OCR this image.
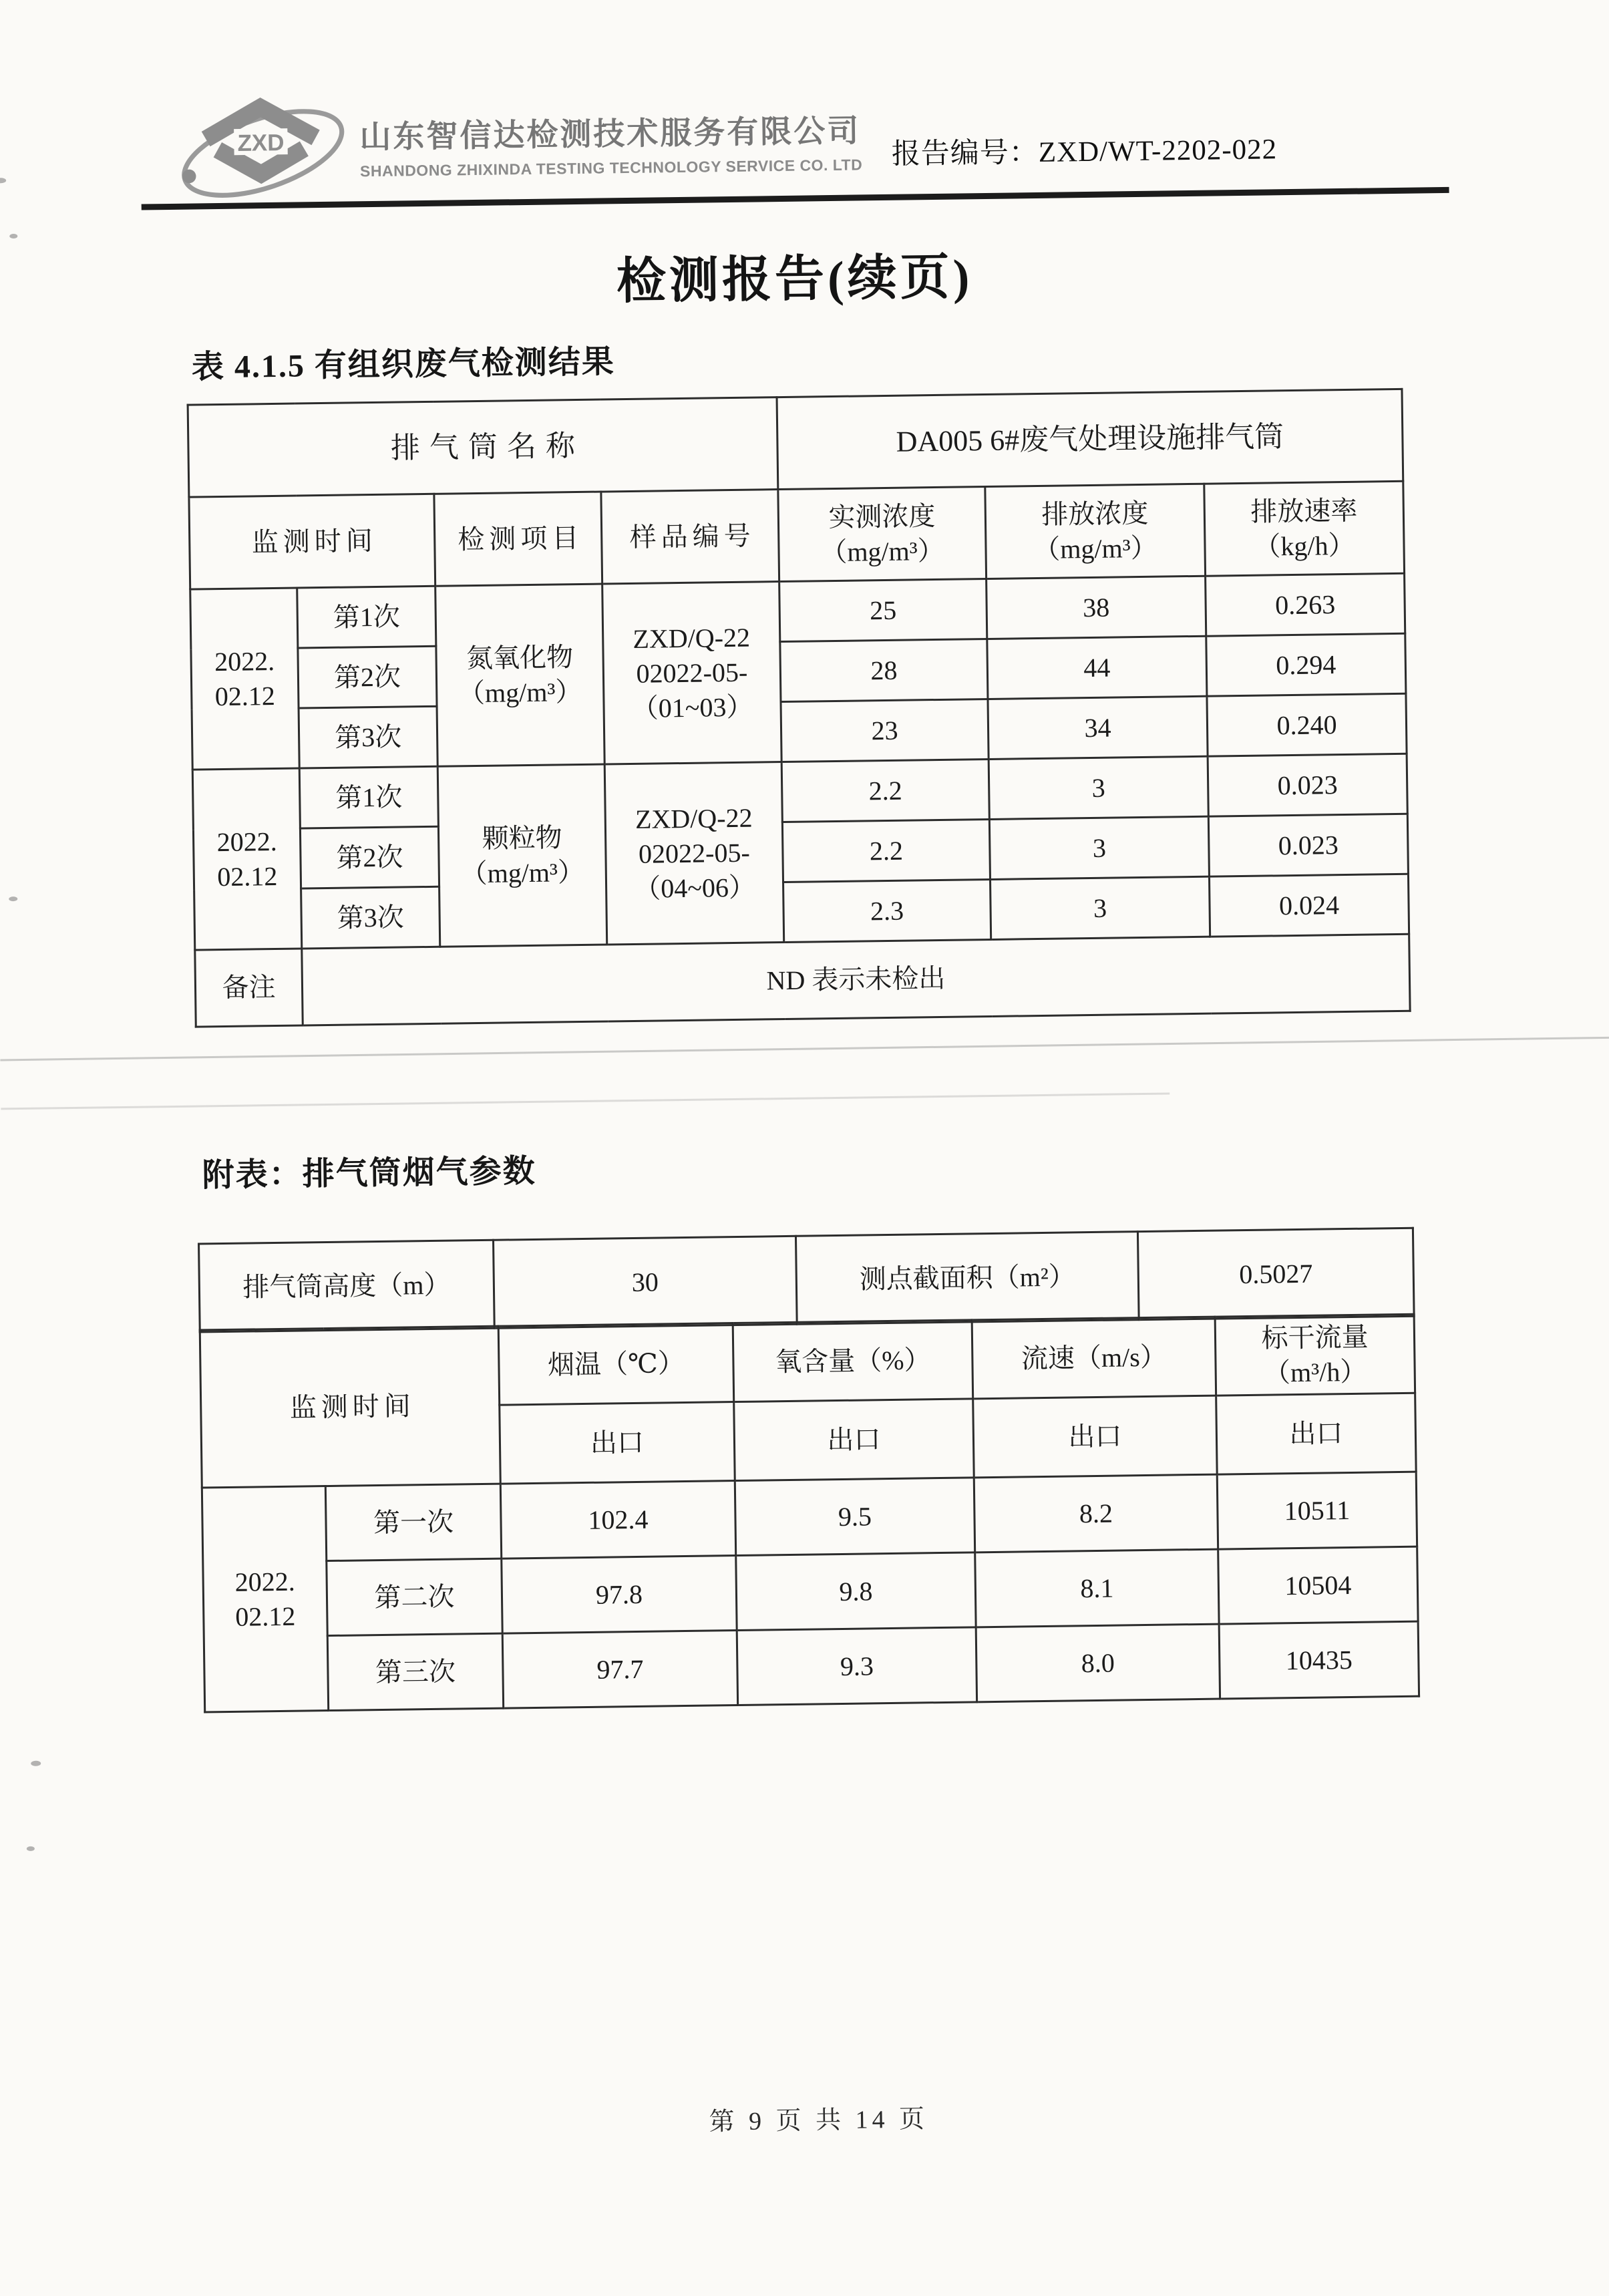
ZXD 山东智信达检测技术服务有限公司
SHANDONG ZHIXINDA TESTING TECHNOLOGY SERVICE CO. LTD 报告编号：ZXD/WT-2202-022
检测报告(续页)
表 4.1.5 有组织废气检测结果
排气筒名称				DA005 6#废气处理设施排气筒		
监测时间		检测项目	样品编号	实测浓度
（mg/m³）	排放浓度
（mg/m³）	排放速率
（kg/h）
2022.
02.12	第1次	氮氧化物
（mg/m³）	ZXD/Q-22
02022-05-
（01~03）	25	38	0.263
	第2次			28	44	0.294
	第3次			23	34	0.240
2022.
02.12	第1次	颗粒物
（mg/m³）	ZXD/Q-22
02022-05-
（04~06）	2.2	3	0.023
	第2次			2.2	3	0.023
	第3次			2.3	3	0.024
备注	ND 表示未检出					
附表：排气筒烟气参数
排气筒高度（m）	30	测点截面积（m²）	0.5027
监测时间		烟温（℃）	氧含量（%）	流速（m/s）	标干流量（m³/h）
		出口	出口	出口	出口
2022.
02.12	第一次	102.4	9.5	8.2	10511
	第二次	97.8	9.8	8.1	10504
	第三次	97.7	9.3	8.0	10435
第 9 页 共 14 页
